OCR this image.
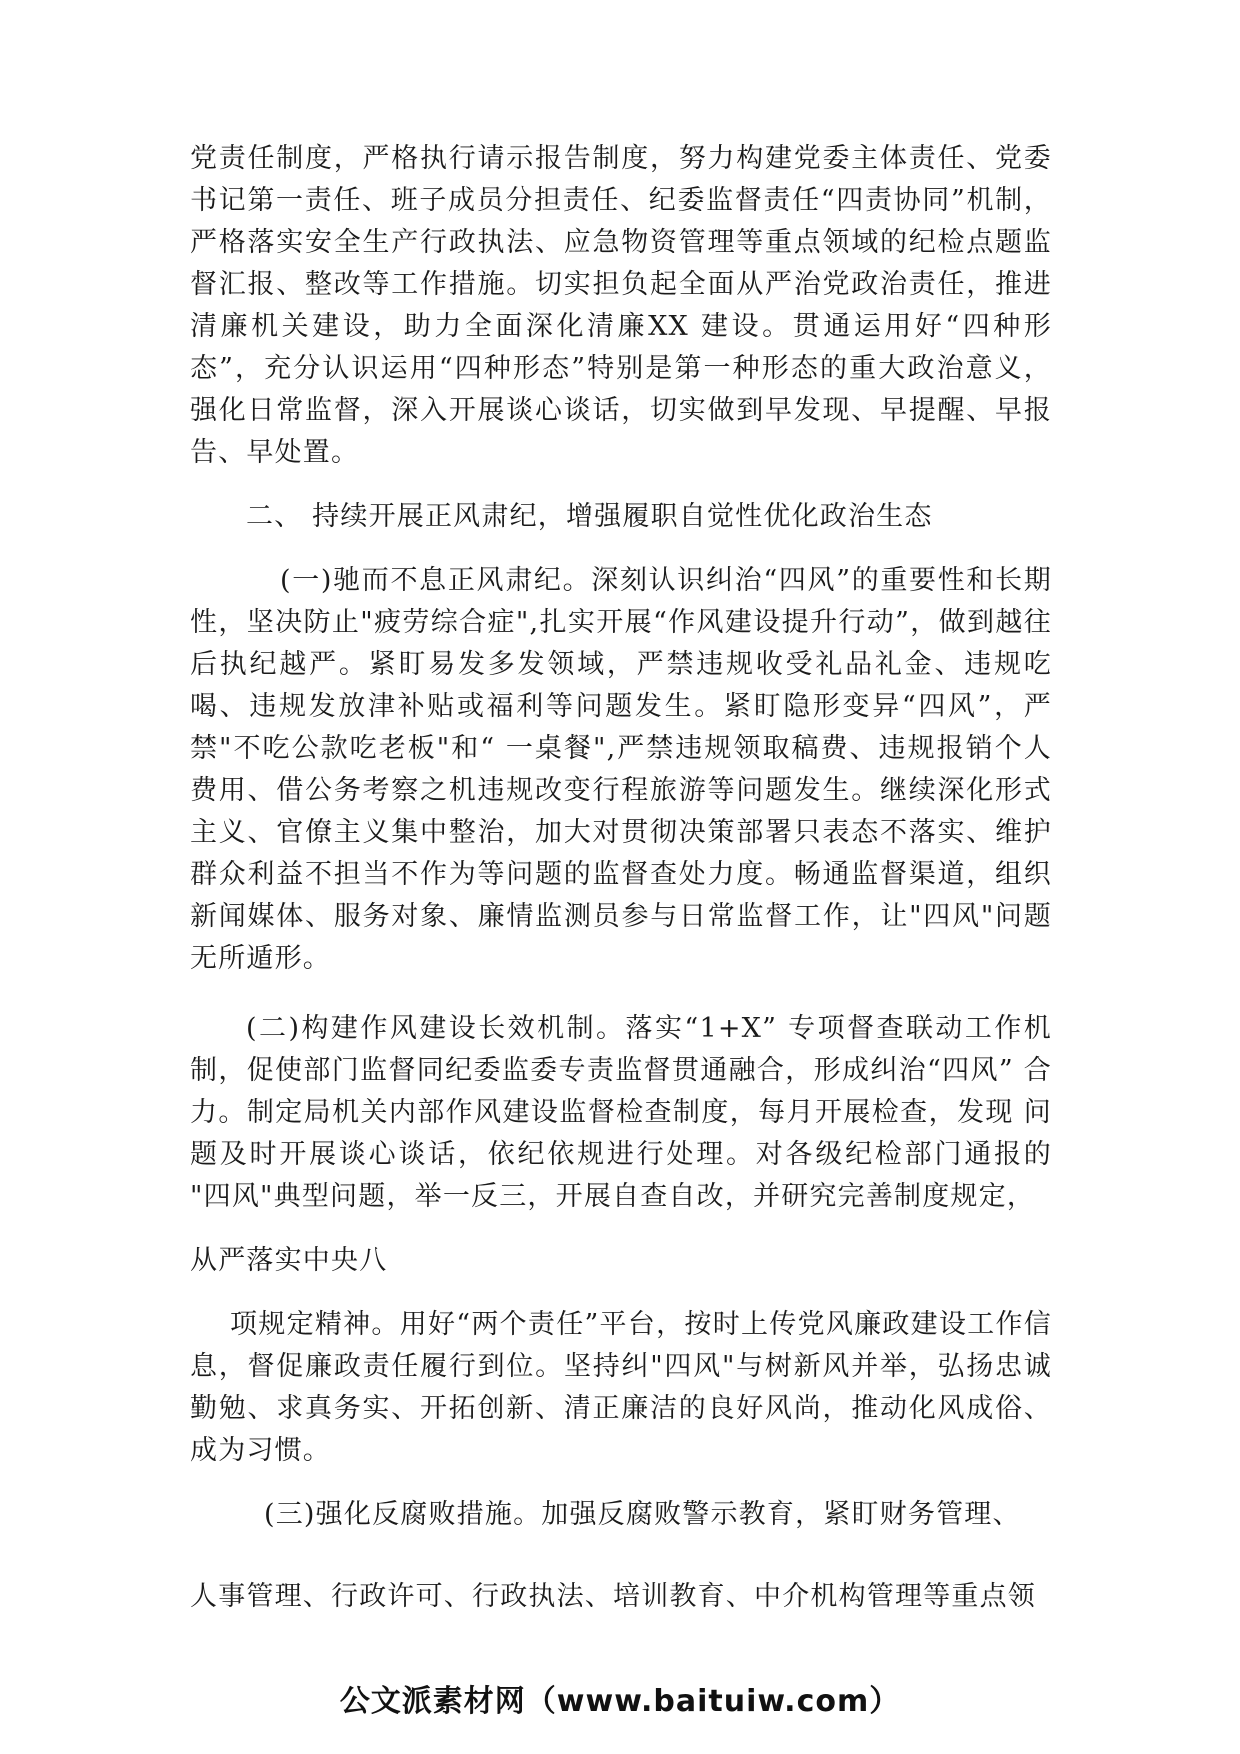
党责任制度，严格执行请示报告制度，努力构建党委主体责任、党委书记第一责任、班子成员分担责任、纪委监督责任“四责协同”机制，严格落实安全生产行政执法、应急物资管理等重点领域的纪检点题监督汇报、整改等工作措施。切实担负起全面从严治党政治责任，推进清廉机关建设，助力全面深化清廉XX 建设。贯通运用好“四种形态”，充分认识运用“四种形态”特别是第一种形态的重大政治意义，强化日常监督，深入开展谈心谈话，切实做到早发现、早提醒、早报告、早处置。

二、 持续开展正风肃纪，增强履职自觉性优化政治生态

(一)驰而不息正风肃纪。深刻认识纠治“四风”的重要性和长期性，坚决防止"疲劳综合症",扎实开展“作风建设提升行动”，做到越往后执纪越严。紧盯易发多发领域，严禁违规收受礼品礼金、违规吃喝、违规发放津补贴或福利等问题发生。紧盯隐形变异“四风”，严禁"不吃公款吃老板"和“ 一桌餐",严禁违规领取稿费、违规报销个人费用、借公务考察之机违规改变行程旅游等问题发生。继续深化形式主义、官僚主义集中整治，加大对贯彻决策部署只表态不落实、维护群众利益不担当不作为等问题的监督查处力度。畅通监督渠道，组织新闻媒体、服务对象、廉情监测员参与日常监督工作，让"四风"问题无所遁形。

(二)构建作风建设长效机制。落实“1+X” 专项督查联动工作机制，促使部门监督同纪委监委专责监督贯通融合，形成纠治“四风” 合力。制定局机关内部作风建设监督检查制度，每月开展检查，发现 问题及时开展谈心谈话，依纪依规进行处理。对各级纪检部门通报的 "四风"典型问题，举一反三，开展自查自改，并研究完善制度规定，

从严落实中央八

项规定精神。用好“两个责任”平台，按时上传党风廉政建设工作信息，督促廉政责任履行到位。坚持纠"四风"与树新风并举，弘扬忠诚勤勉、求真务实、开拓创新、清正廉洁的良好风尚，推动化风成俗、成为习惯。

(三)强化反腐败措施。加强反腐败警示教育，紧盯财务管理、

人事管理、行政许可、行政执法、培训教育、中介机构管理等重点领

公文派素材网（www.baituiw.com）
